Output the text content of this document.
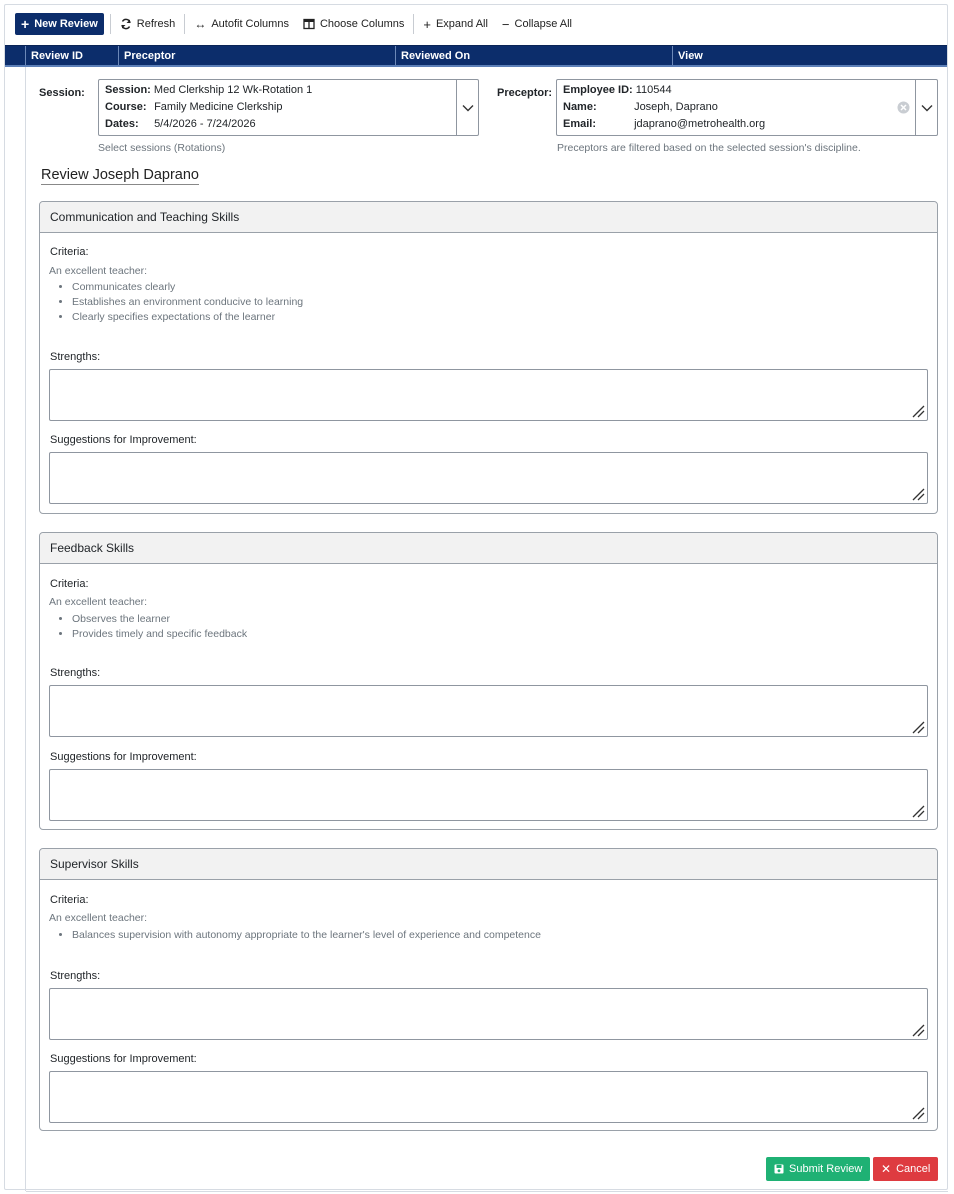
+ New Review	Refresh ↔ Autofit Columns	Choose Columns + Expand All − Collapse All
Review ID	Preceptor	Reviewed On	View
Session: Session: Med Clerkship 12 Wk-Rotation 1
Course: Family Medicine Clerkship
Dates: 5/4/2026 - 7/24/2026
Select sessions (Rotations)
Preceptor: Employee ID: 110544
Name:	Joseph, Daprano
Email:	jdaprano@metrohealth.org
Preceptors are filtered based on the selected session's discipline.
Review Joseph Daprano
Communication and Teaching Skills
Criteria:
An excellent teacher:
• Communicates clearly
• Establishes an environment conducive to learning
• Clearly specifies expectations of the learner
Strengths:
Suggestions for Improvement:
Feedback Skills
Criteria:
An excellent teacher:
• Observes the learner
• Provides timely and specific feedback
Strengths:
Suggestions for Improvement:
Supervisor Skills
Criteria:
An excellent teacher:
• Balances supervision with autonomy appropriate to the learner's level of experience and competence
Strengths:
Suggestions for Improvement:
Submit Review ✕ Cancel
